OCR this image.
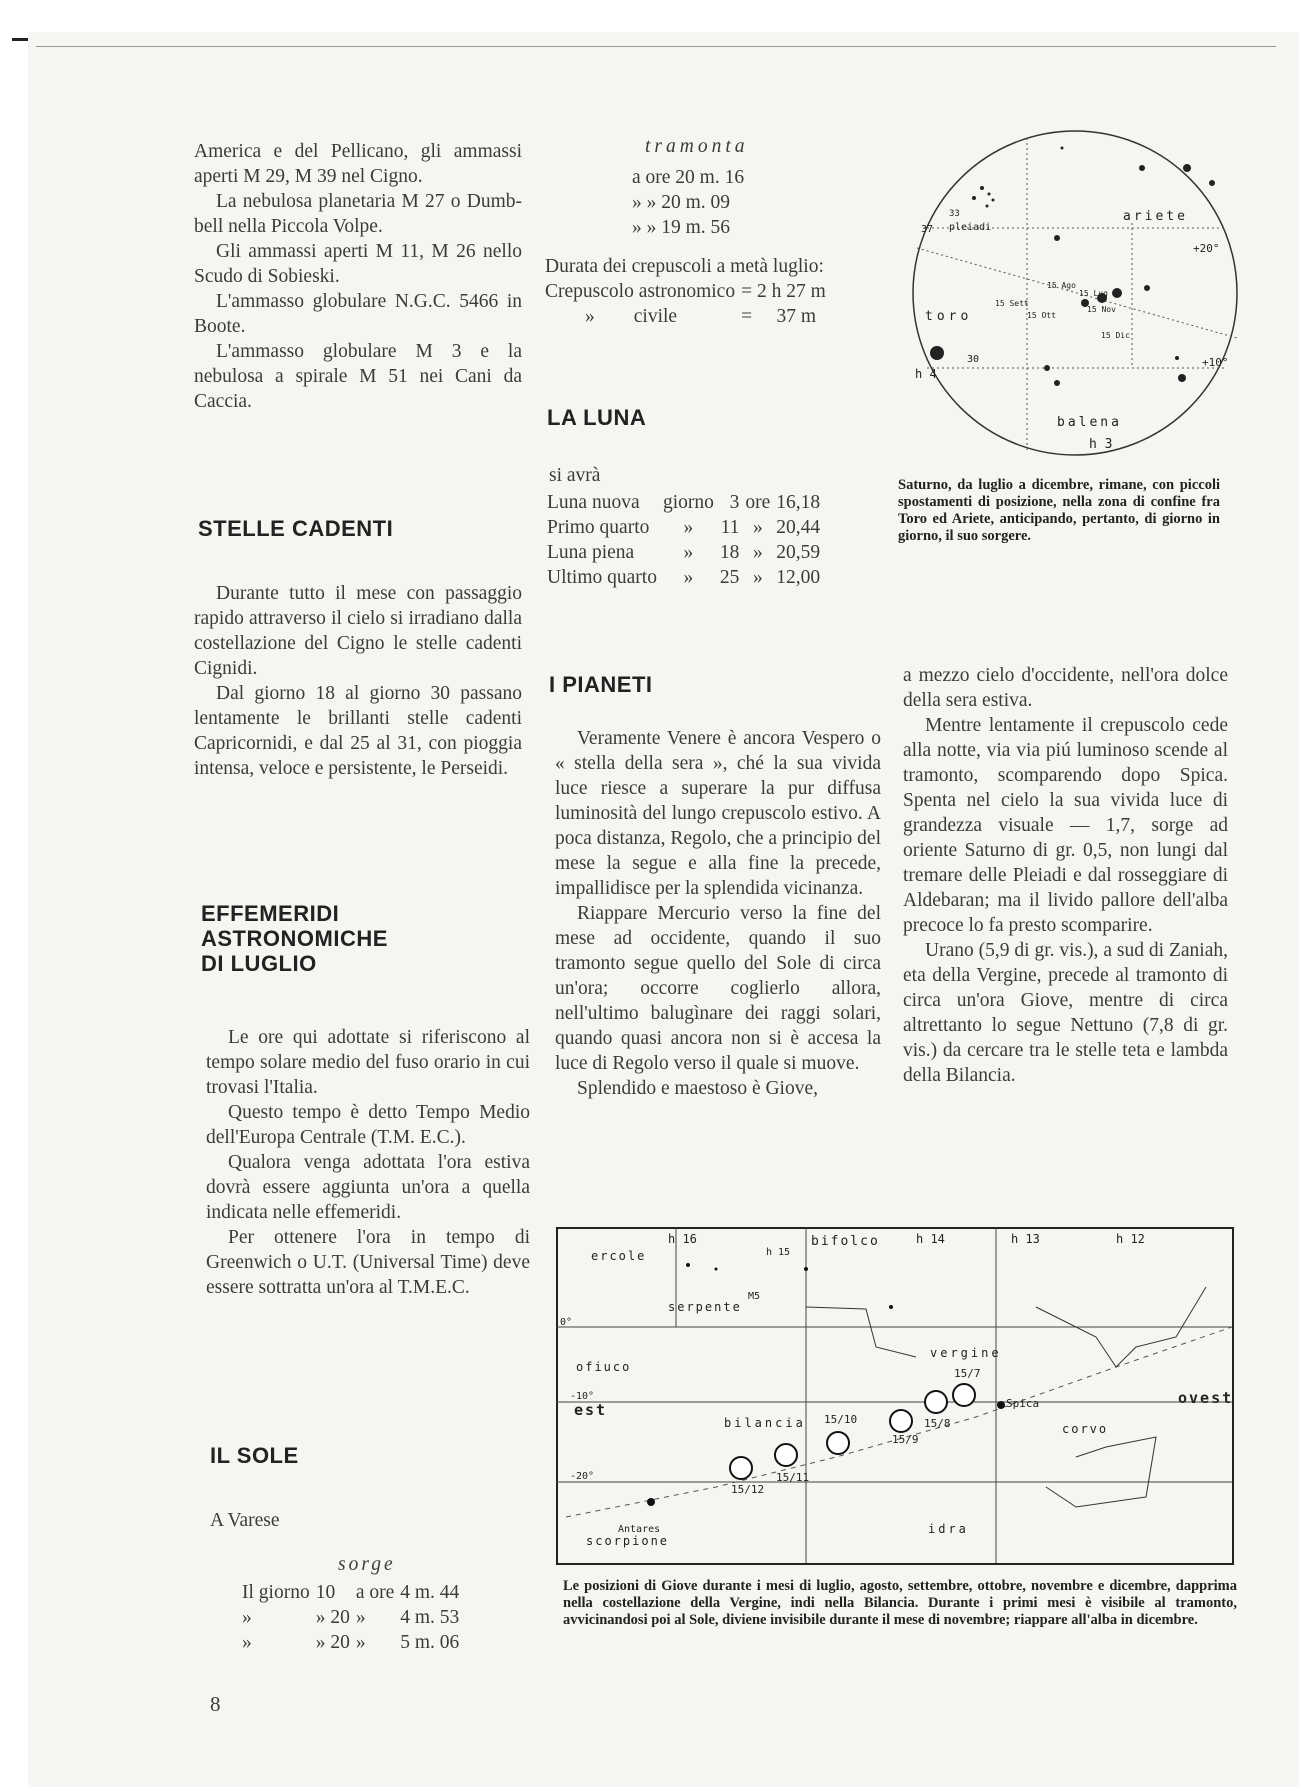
America e del Pellicano, gli ammassi aperti M 29, M 39 nel Cigno.

La nebulosa planetaria M 27 o Dumb-bell nella Piccola Volpe.

Gli ammassi aperti M 11, M 26 nello Scudo di Sobieski.

L'ammasso globulare N.G.C. 5466 in Boote.

L'ammasso globulare M 3 e la nebulosa a spirale M 51 nei Cani da Caccia.

STELLE CADENTI

Durante tutto il mese con passaggio rapido attraverso il cielo si irradiano dalla costellazione del Cigno le stelle cadenti Cignidi.

Dal giorno 18 al giorno 30 passano lentamente le brillanti stelle cadenti Capricornidi, e dal 25 al 31, con pioggia intensa, veloce e persistente, le Perseidi.

EFFEMERIDI
ASTRONOMICHE
DI LUGLIO

Le ore qui adottate si riferiscono al tempo solare medio del fuso orario in cui trovasi l'Italia.

Questo tempo è detto Tempo Medio dell'Europa Centrale (T.M. E.C.).

Qualora venga adottata l'ora estiva dovrà essere aggiunta un'ora a quella indicata nelle effemeridi.

Per ottenere l'ora in tempo di Greenwich o U.T. (Universal Time) deve essere sottratta un'ora al T.M.E.C.

IL SOLE
A Varese
sorge
Il giorno	10	a ore	4 m. 44
»	» 20	»	4 m. 53
»	» 20	»	5 m. 06
8
tramonta
a ore 20 m. 16
» » 20 m. 09
» » 19 m. 56
Durata dei crepuscoli a metà luglio:
Crepuscolo astronomico	= 2 h 27 m
»        civile	=     37 m
LA LUNA
si avrà
Luna nuova	giorno	3	ore	16,18
Primo quarto	»	11	»	20,44
Luna piena	»	18	»	20,59
Ultimo quarto	»	25	»	12,00
I PIANETI

Veramente Venere è ancora Vespero o « stella della sera », ché la sua vivida luce riesce a superare la pur diffusa luminosità del lungo crepuscolo estivo. A poca distanza, Regolo, che a principio del mese la segue e alla fine la precede, impallidisce per la splendida vicinanza.

Riappare Mercurio verso la fine del mese ad occidente, quando il suo tramonto segue quello del Sole di circa un'ora; occorre coglierlo allora, nell'ultimo balugìnare dei raggi solari, quando quasi ancora non si è accesa la luce di Regolo verso il quale si muove.

Splendido e maestoso è Giove,

ariete
pleiadi
toro
balena
h 4
h 3
+20°
+10°
30
33
37
15 Sett
15 Ott
15 Ago
15 Lug
15 Nov
15 Dic
Saturno, da luglio a dicembre, rimane, con piccoli spostamenti di posizione, nella zona di confine fra Toro ed Ariete, anticipando, pertanto, di giorno in giorno, il suo sorgere.

a mezzo cielo d'occidente, nell'ora dolce della sera estiva.

Mentre lentamente il crepuscolo cede alla notte, via via piú luminoso scende al tramonto, scomparendo dopo Spica. Spenta nel cielo la sua vivida luce di grandezza visuale — 1,7, sorge ad oriente Saturno di gr. 0,5, non lungi dal tremare delle Pleiadi e dal rosseggiare di Aldebaran; ma il livido pallore dell'alba precoce lo fa presto scomparire.

Urano (5,9 di gr. vis.), a sud di Zaniah, eta della Vergine, precede al tramonto di circa un'ora Giove, mentre di circa altrettanto lo segue Nettuno (7,8 di gr. vis.) da cercare tra le stelle teta e lambda della Bilancia.

bifolco
h 16
h 15
h 14	h 13	h 12
ercole
serpente
M5
vergine
ofiuco
est
-10°
-20°
0°
bilancia
Spica	ovest
corvo
idra
Antares
scorpione
15/7
15/8
15/9
15/10
15/11
15/12
Le posizioni di Giove durante i mesi di luglio, agosto, settembre, ottobre, novembre e dicembre, dapprima nella costellazione della Vergine, indi nella Bilancia. Durante i primi mesi è visibile al tramonto, avvicinandosi poi al Sole, diviene invisibile durante il mese di novembre; riappare all'alba in dicembre.
